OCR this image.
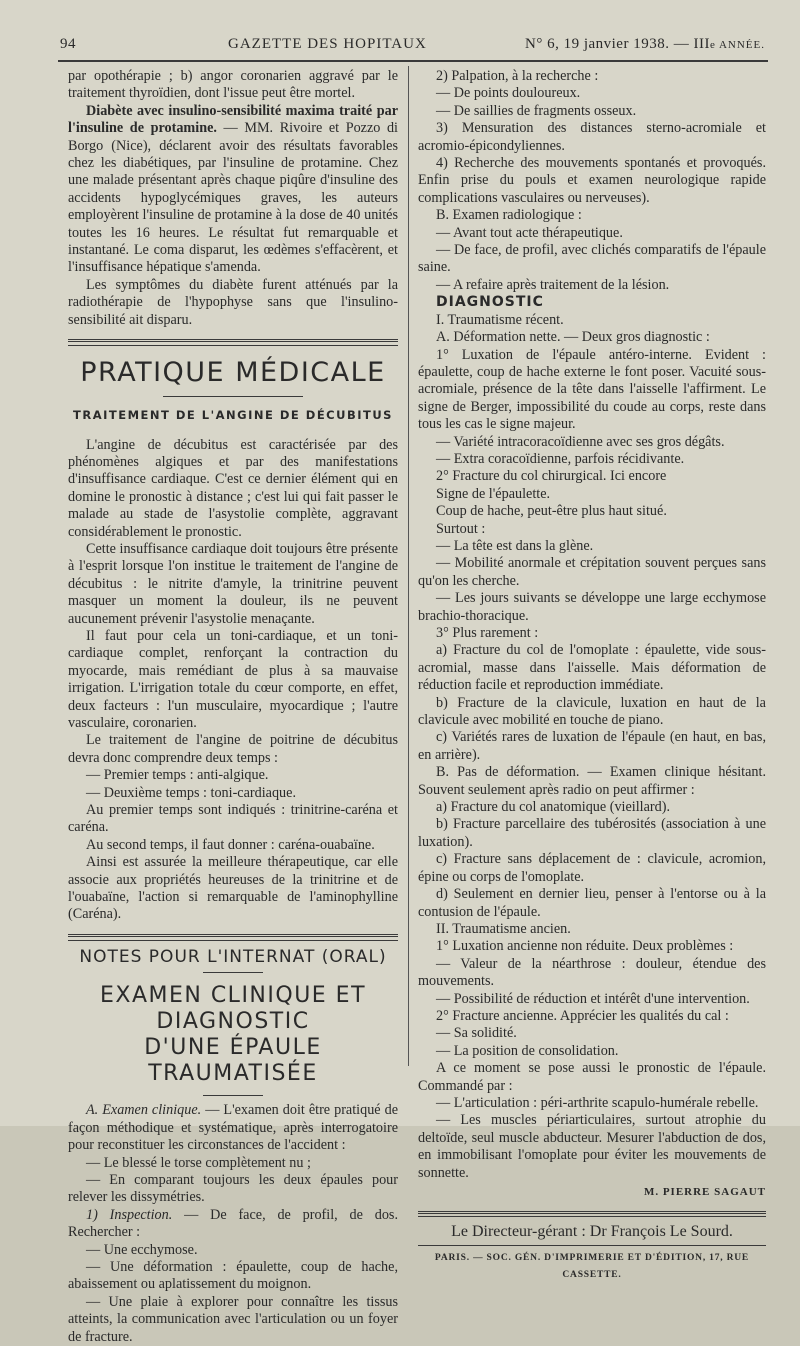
94	GAZETTE DES HOPITAUX	N° 6, 19 janvier 1938. — IIIe ANNÉE.

par opothérapie ; b) angor coronarien aggravé par le traitement thyroïdien, dont l'issue peut être mortel.

Diabète avec insulino-sensibilité maxima traité par l'insuline de protamine. — MM. Rivoire et Pozzo di Borgo (Nice), déclarent avoir des résultats favorables chez les diabétiques, par l'insuline de protamine. Chez une malade présentant après chaque piqûre d'insuline des accidents hypoglycémiques graves, les auteurs employèrent l'insuline de protamine à la dose de 40 unités toutes les 16 heures. Le résultat fut remarquable et instantané. Le coma disparut, les œdèmes s'effacèrent, et l'insuffisance hépatique s'amenda.

Les symptômes du diabète furent atténués par la radiothérapie de l'hypophyse sans que l'insulino-sensibilité ait disparu.

PRATIQUE MÉDICALE
TRAITEMENT DE L'ANGINE DE DÉCUBITUS

L'angine de décubitus est caractérisée par des phénomènes algiques et par des manifestations d'insuffisance cardiaque. C'est ce dernier élément qui en domine le pronostic à distance ; c'est lui qui fait passer le malade au stade de l'asystolie complète, aggravant considérablement le pronostic.

Cette insuffisance cardiaque doit toujours être présente à l'esprit lorsque l'on institue le traitement de l'angine de décubitus : le nitrite d'amyle, la trinitrine peuvent masquer un moment la douleur, ils ne peuvent aucunement prévenir l'asystolie menaçante.

Il faut pour cela un toni-cardiaque, et un toni-cardiaque complet, renforçant la contraction du myocarde, mais remédiant de plus à sa mauvaise irrigation. L'irrigation totale du cœur comporte, en effet, deux facteurs : l'un musculaire, myocardique ; l'autre vasculaire, coronarien.

Le traitement de l'angine de poitrine de décubitus devra donc comprendre deux temps :

— Premier temps : anti-algique.

— Deuxième temps : toni-cardiaque.

Au premier temps sont indiqués : trinitrine-caréna et caréna.

Au second temps, il faut donner : caréna-ouabaïne.

Ainsi est assurée la meilleure thérapeutique, car elle associe aux propriétés heureuses de la trinitrine et de l'ouabaïne, l'action si remarquable de l'aminophylline (Caréna).

NOTES POUR L'INTERNAT (ORAL)
EXAMEN CLINIQUE ET DIAGNOSTIC
D'UNE ÉPAULE TRAUMATISÉE

A. Examen clinique. — L'examen doit être pratiqué de façon méthodique et systématique, après interrogatoire pour reconstituer les circonstances de l'accident :

— Le blessé le torse complètement nu ;

— En comparant toujours les deux épaules pour relever les dissymétries.

1) Inspection. — De face, de profil, de dos. Rechercher :

— Une ecchymose.

— Une déformation : épaulette, coup de hache, abaissement ou aplatissement du moignon.

— Une plaie à explorer pour connaître les tissus atteints, la communication avec l'articulation ou un foyer de fracture.

2) Palpation, à la recherche :

— De points douloureux.

— De saillies de fragments osseux.

3) Mensuration des distances sterno-acromiale et acromio-épicondyliennes.

4) Recherche des mouvements spontanés et provoqués. Enfin prise du pouls et examen neurologique rapide complications vasculaires ou nerveuses).

B. Examen radiologique :

— Avant tout acte thérapeutique.

— De face, de profil, avec clichés comparatifs de l'épaule saine.

— A refaire après traitement de la lésion.

DIAGNOSTIC

I. Traumatisme récent.

A. Déformation nette. — Deux gros diagnostic :

1° Luxation de l'épaule antéro-interne. Evident : épaulette, coup de hache externe le font poser. Vacuité sous-acromiale, présence de la tête dans l'aisselle l'affirment. Le signe de Berger, impossibilité du coude au corps, reste dans tous les cas le signe majeur.

— Variété intracoracoïdienne avec ses gros dégâts.

— Extra coracoïdienne, parfois récidivante.

2° Fracture du col chirurgical. Ici encore

Signe de l'épaulette.

Coup de hache, peut-être plus haut situé.

Surtout :

— La tête est dans la glène.

— Mobilité anormale et crépitation souvent perçues sans qu'on les cherche.

— Les jours suivants se développe une large ecchymose brachio-thoracique.

3° Plus rarement :

a) Fracture du col de l'omoplate : épaulette, vide sous-acromial, masse dans l'aisselle. Mais déformation de réduction facile et reproduction immédiate.

b) Fracture de la clavicule, luxation en haut de la clavicule avec mobilité en touche de piano.

c) Variétés rares de luxation de l'épaule (en haut, en bas, en arrière).

B. Pas de déformation. — Examen clinique hésitant. Souvent seulement après radio on peut affirmer :

a) Fracture du col anatomique (vieillard).

b) Fracture parcellaire des tubérosités (association à une luxation).

c) Fracture sans déplacement de : clavicule, acromion, épine ou corps de l'omoplate.

d) Seulement en dernier lieu, penser à l'entorse ou à la contusion de l'épaule.

II. Traumatisme ancien.

1° Luxation ancienne non réduite. Deux problèmes :

— Valeur de la néarthrose : douleur, étendue des mouvements.

— Possibilité de réduction et intérêt d'une intervention.

2° Fracture ancienne. Apprécier les qualités du cal :

— Sa solidité.

— La position de consolidation.

A ce moment se pose aussi le pronostic de l'épaule. Commandé par :

— L'articulation : péri-arthrite scapulo-humérale rebelle.

— Les muscles périarticulaires, surtout atrophie du deltoïde, seul muscle abducteur. Mesurer l'abduction de dos, en immobilisant l'omoplate pour éviter les mouvements de sonnette.

M. PIERRE SAGAUT
Le Directeur-gérant : Dr François Le Sourd.
PARIS. — SOC. GÉN. D'IMPRIMERIE ET D'ÉDITION, 17, RUE CASSETTE.
